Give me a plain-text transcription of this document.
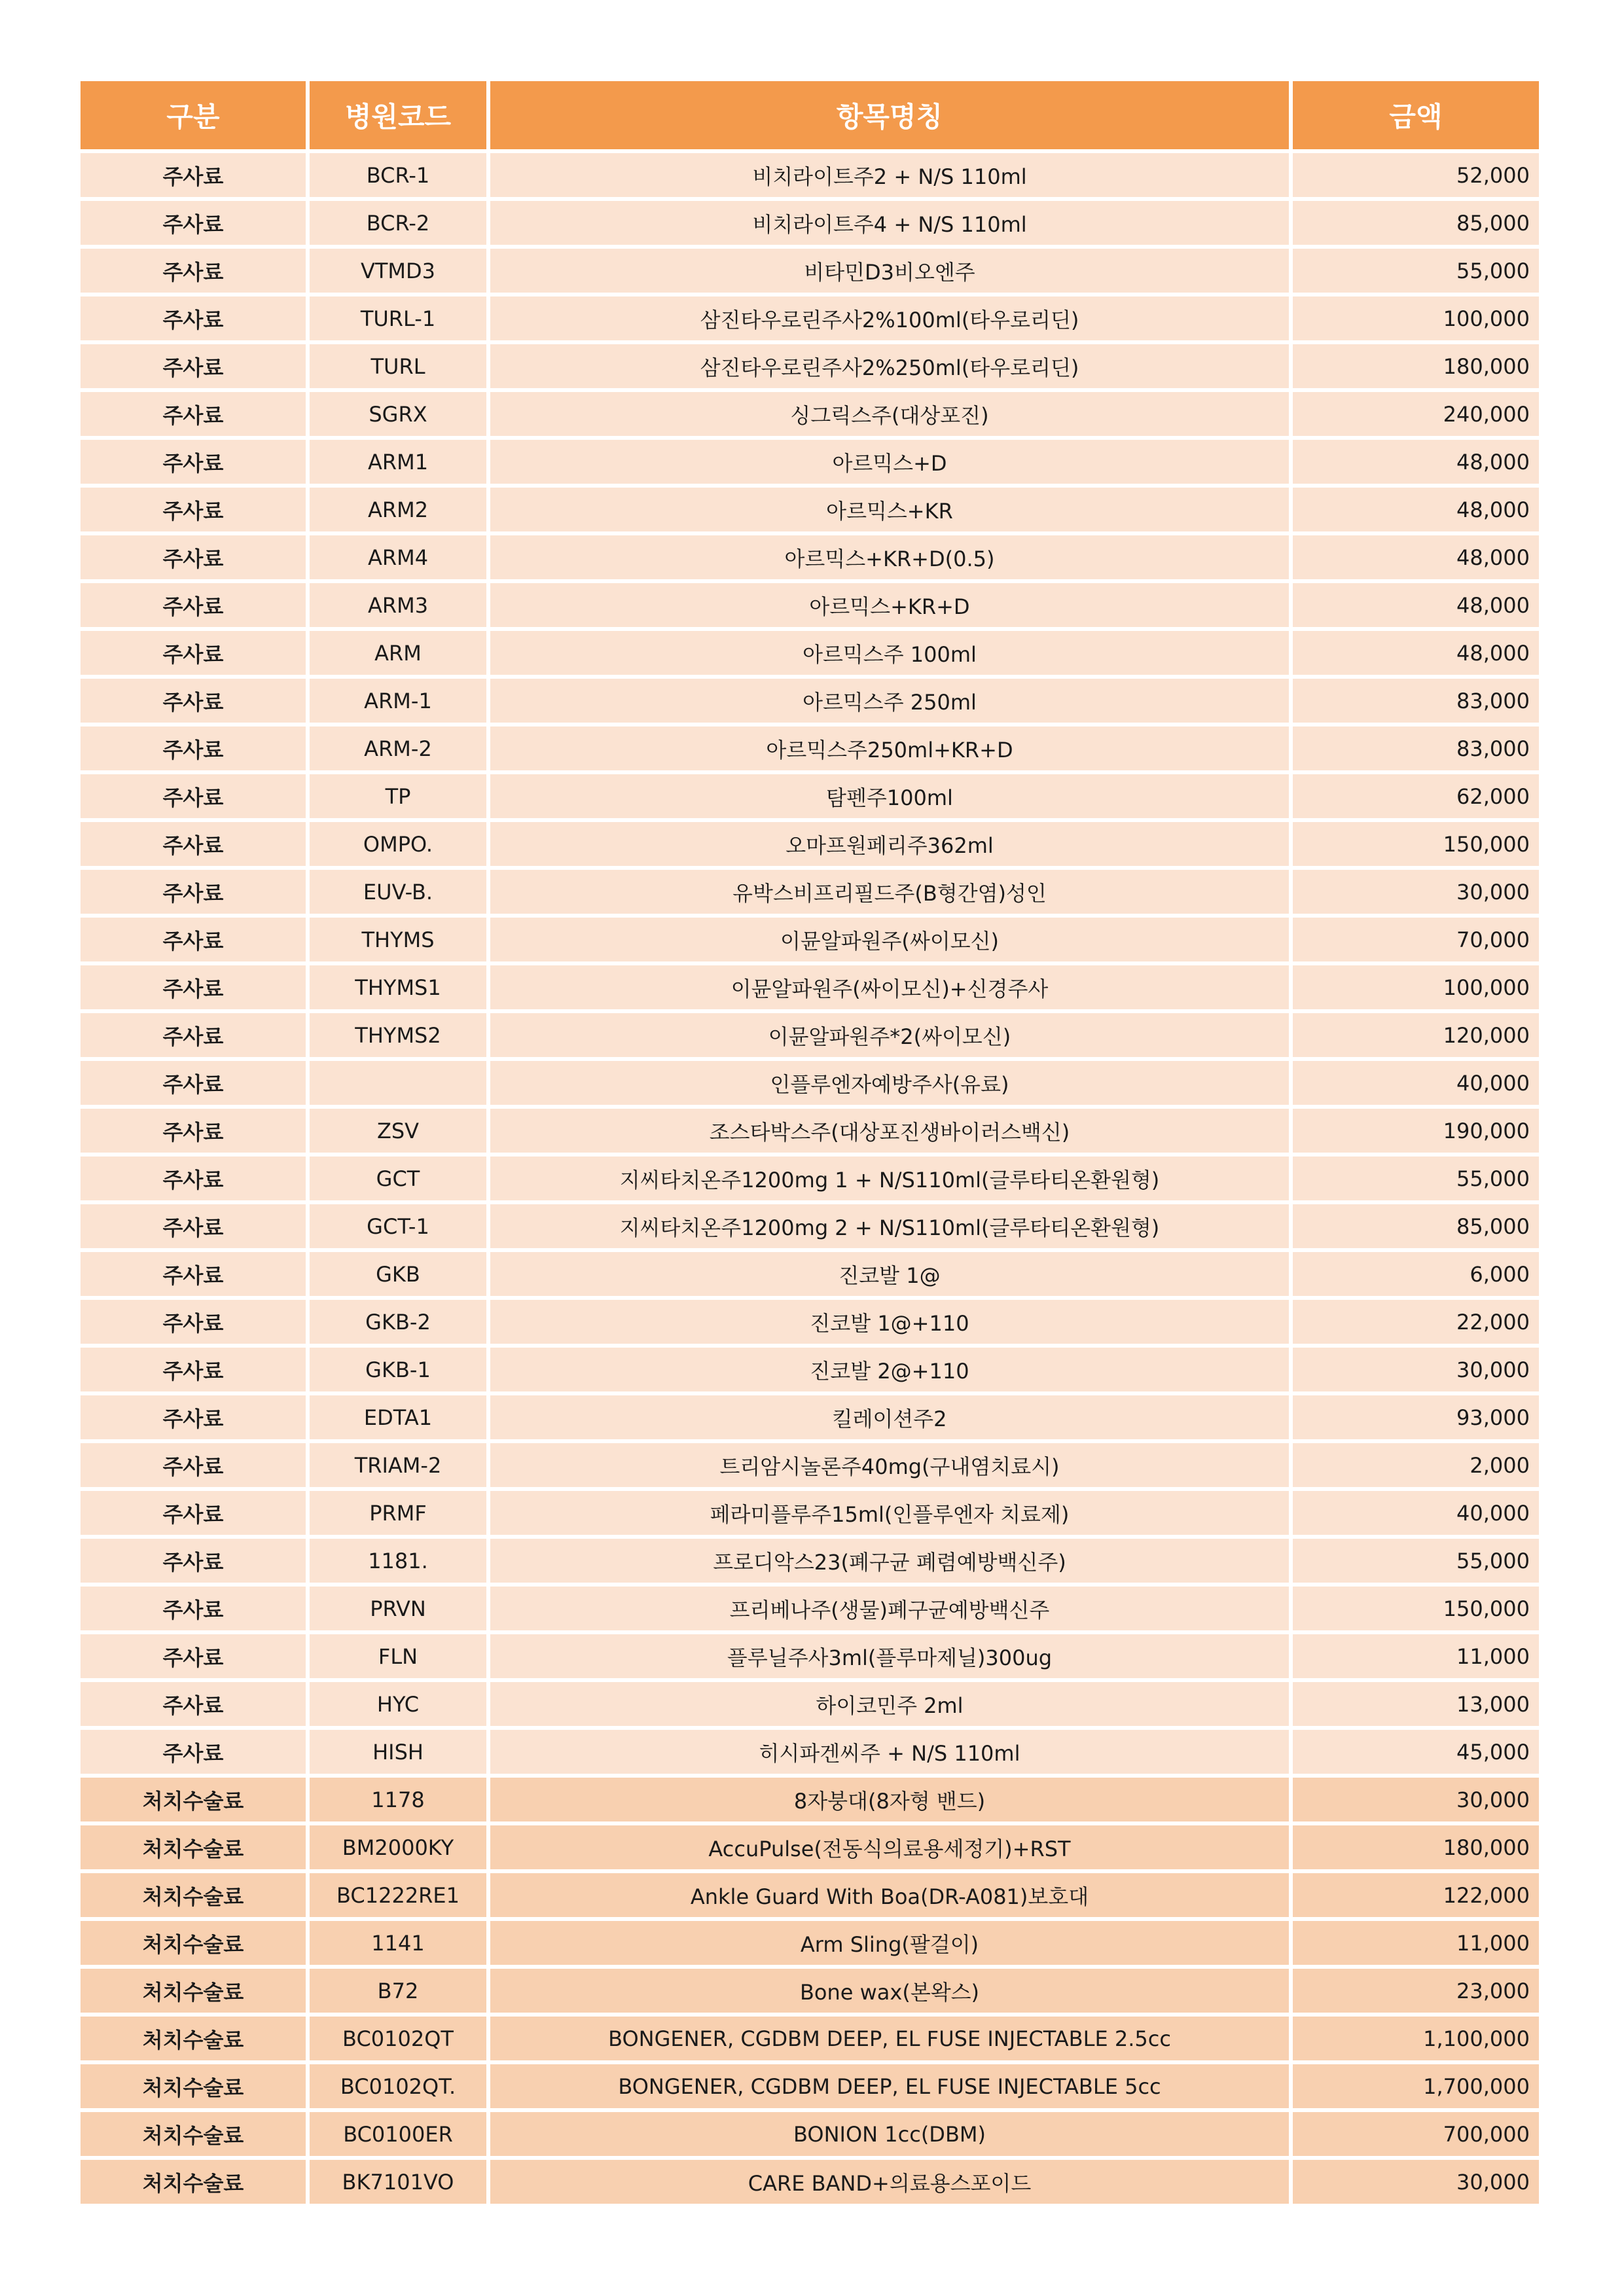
구분	병원코드	항목명칭	금액
주사료	BCR-1	비치라이트주2 + N/S 110ml	52,000
주사료	BCR-2	비치라이트주4 + N/S 110ml	85,000
주사료	VTMD3	비타민D3비오엔주	55,000
주사료	TURL-1	삼진타우로린주사2%100ml(타우로리딘)	100,000
주사료	TURL	삼진타우로린주사2%250ml(타우로리딘)	180,000
주사료	SGRX	싱그릭스주(대상포진)	240,000
주사료	ARM1	아르믹스+D	48,000
주사료	ARM2	아르믹스+KR	48,000
주사료	ARM4	아르믹스+KR+D(0.5)	48,000
주사료	ARM3	아르믹스+KR+D	48,000
주사료	ARM	아르믹스주 100ml	48,000
주사료	ARM-1	아르믹스주 250ml	83,000
주사료	ARM-2	아르믹스주250ml+KR+D	83,000
주사료	TP	탐펜주100ml	62,000
주사료	OMPO.	오마프원페리주362ml	150,000
주사료	EUV-B.	유박스비프리필드주(B형간염)성인	30,000
주사료	THYMS	이뮨알파원주(싸이모신)	70,000
주사료	THYMS1	이뮨알파원주(싸이모신)+신경주사	100,000
주사료	THYMS2	이뮨알파원주*2(싸이모신)	120,000
주사료		인플루엔자예방주사(유료)	40,000
주사료	ZSV	조스타박스주(대상포진생바이러스백신)	190,000
주사료	GCT	지씨타치온주1200mg 1 + N/S110ml(글루타티온환원형)	55,000
주사료	GCT-1	지씨타치온주1200mg 2 + N/S110ml(글루타티온환원형)	85,000
주사료	GKB	진코발 1@	6,000
주사료	GKB-2	진코발 1@+110	22,000
주사료	GKB-1	진코발 2@+110	30,000
주사료	EDTA1	킬레이션주2	93,000
주사료	TRIAM-2	트리암시놀론주40mg(구내염치료시)	2,000
주사료	PRMF	페라미플루주15ml(인플루엔자 치료제)	40,000
주사료	1181.	프로디악스23(폐구균 폐렴예방백신주)	55,000
주사료	PRVN	프리베나주(생물)폐구균예방백신주	150,000
주사료	FLN	플루닐주사3ml(플루마제닐)300ug	11,000
주사료	HYC	하이코민주 2ml	13,000
주사료	HISH	히시파겐씨주 + N/S 110ml	45,000
처치수술료	1178	8자붕대(8자형 밴드)	30,000
처치수술료	BM2000KY	AccuPulse(전동식의료용세정기)+RST	180,000
처치수술료	BC1222RE1	Ankle Guard With Boa(DR-A081)보호대	122,000
처치수술료	1141	Arm Sling(팔걸이)	11,000
처치수술료	B72	Bone wax(본왁스)	23,000
처치수술료	BC0102QT	BONGENER, CGDBM DEEP, EL FUSE INJECTABLE 2.5cc	1,100,000
처치수술료	BC0102QT.	BONGENER, CGDBM DEEP, EL FUSE INJECTABLE 5cc	1,700,000
처치수술료	BC0100ER	BONION 1cc(DBM)	700,000
처치수술료	BK7101VO	CARE BAND+의료용스포이드	30,000
